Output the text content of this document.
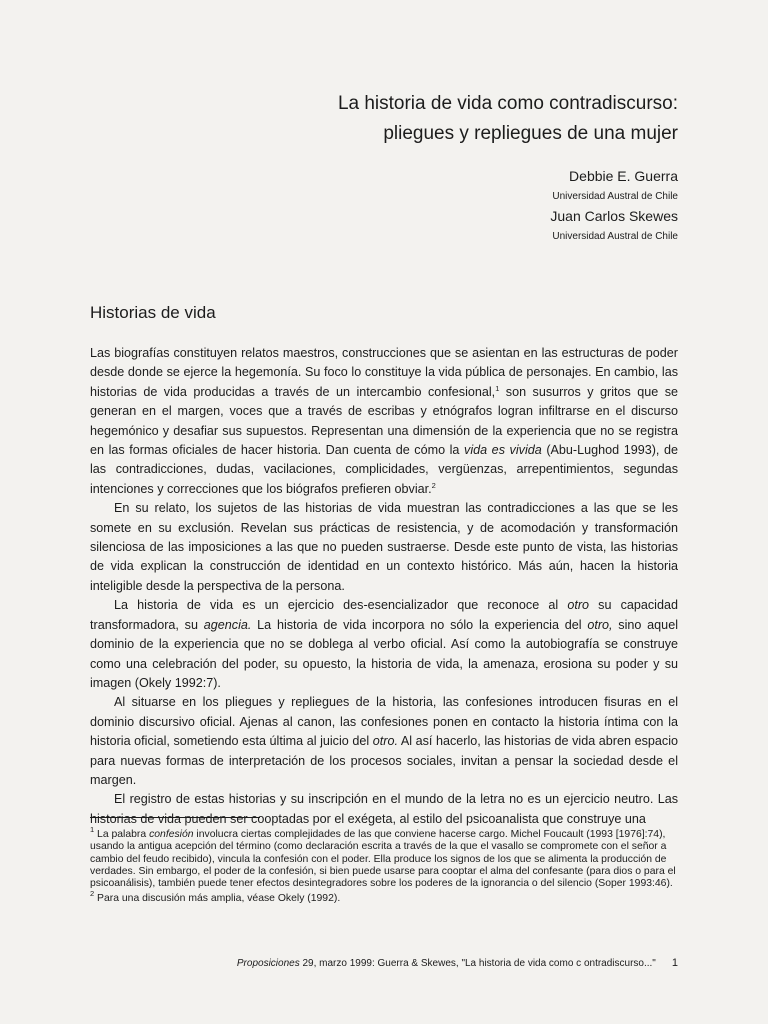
La historia de vida como contradiscurso:
pliegues y repliegues de una mujer
Debbie E. Guerra
Universidad Austral de Chile
Juan Carlos Skewes
Universidad Austral de Chile
Historias de vida

Las biografías constituyen relatos maestros, construcciones que se asientan en las estructuras de poder desde donde se ejerce la hegemonía. Su foco lo constituye la vida pública de personajes. En cambio, las historias de vida producidas a través de un intercambio confesional,$^1$ son susurros y gritos que se generan en el margen, voces que a través de escribas y etnógrafos logran infiltrarse en el discurso hegemónico y desafiar sus supuestos. Representan una dimensión de la experiencia que no se registra en las formas oficiales de hacer historia. Dan cuenta de cómo la vida es vivida (Abu-Lughod 1993), de las contradicciones, dudas, vacilaciones, complicidades, vergüenzas, arrepentimientos, segundas intenciones y correcciones que los biógrafos prefieren obviar.$^2$

En su relato, los sujetos de las historias de vida muestran las contradicciones a las que se les somete en su exclusión. Revelan sus prácticas de resistencia, y de acomodación y transformación silenciosa de las imposiciones a las que no pueden sustraerse. Desde este punto de vista, las historias de vida explican la construcción de identidad en un contexto histórico. Más aún, hacen la historia inteligible desde la perspectiva de la persona.

La historia de vida es un ejercicio des-esencializador que reconoce al otro su capacidad transformadora, su agencia. La historia de vida incorpora no sólo la experiencia del otro, sino aquel dominio de la experiencia que no se doblega al verbo oficial. Así como la autobiografía se construye como una celebración del poder, su opuesto, la historia de vida, la amenaza, erosiona su poder y su imagen (Okely 1992:7).

Al situarse en los pliegues y repliegues de la historia, las confesiones introducen fisuras en el dominio discursivo oficial. Ajenas al canon, las confesiones ponen en contacto la historia íntima con la historia oficial, sometiendo esta última al juicio del otro. Al así hacerlo, las historias de vida abren espacio para nuevas formas de interpretación de los procesos sociales, invitan a pensar la sociedad desde el margen.

El registro de estas historias y su inscripción en el mundo de la letra no es un ejercicio neutro. Las historias de vida pueden ser cooptadas por el exégeta, al estilo del psicoanalista que construye una

$^1$ La palabra confesión involucra ciertas complejidades de las que conviene hacerse cargo. Michel Foucault (1993 [1976]:74), usando la antigua acepción del término (como declaración escrita a través de la que el vasallo se compromete con el señor a cambio del feudo recibido), vincula la confesión con el poder. Ella produce los signos de los que se alimenta la producción de verdades. Sin embargo, el poder de la confesión, si bien puede usarse para cooptar el alma del confesante (para dios o para el psicoanálisis), también puede tener efectos desintegradores sobre los poderes de la ignorancia o del silencio (Soper 1993:46).

$^2$ Para una discusión más amplia, véase Okely (1992).

Proposiciones 29, marzo 1999: Guerra & Skewes, "La historia de vida como c ontradiscurso..." 1
